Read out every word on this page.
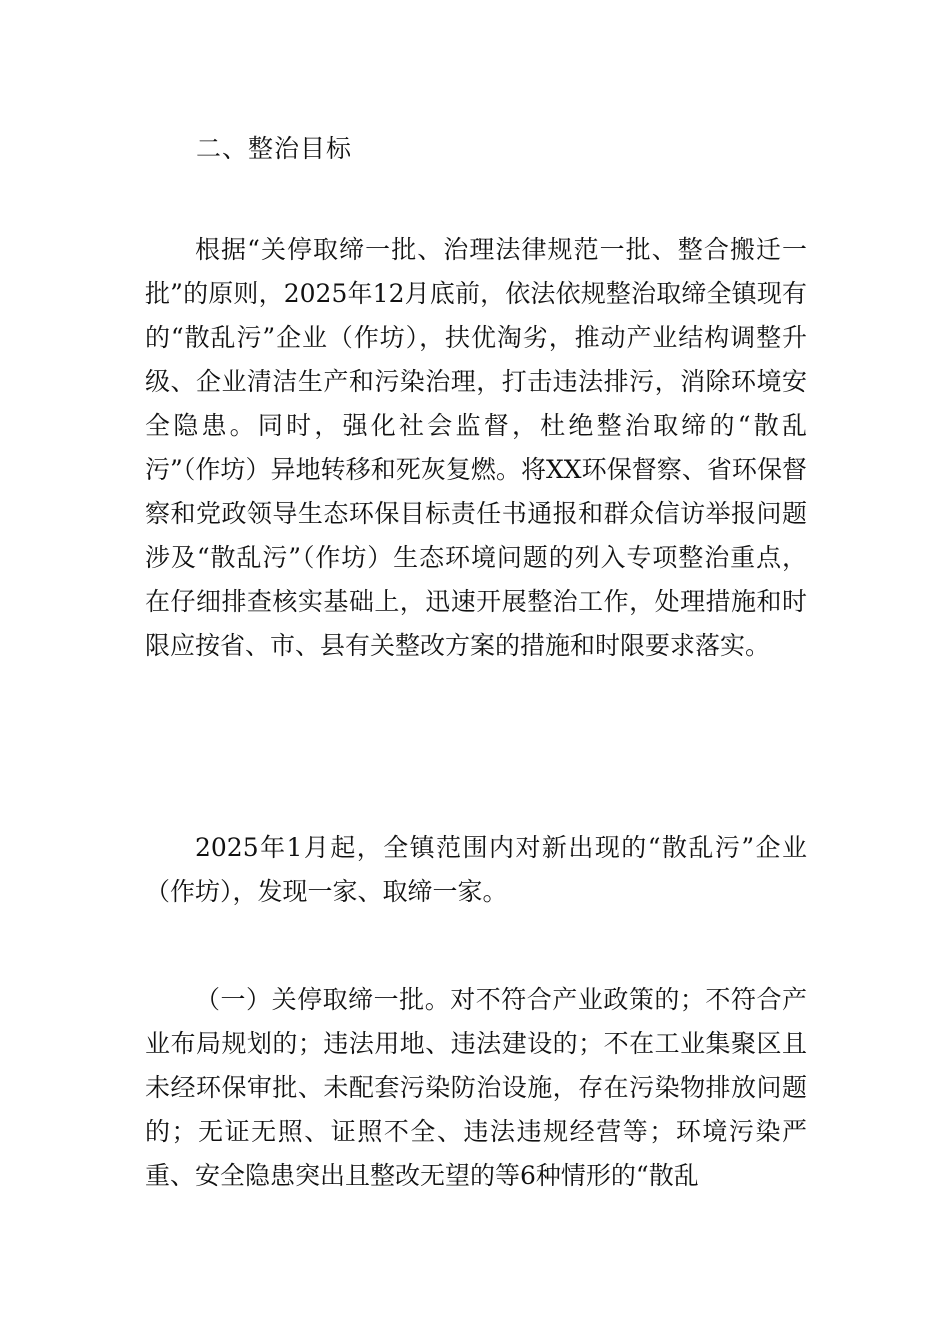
二、整治目标

根据“关停取缔一批、治理法律规范一批、整合搬迁一批”的原则，2025年12月底前，依法依规整治取缔全镇现有的“散乱污”企业（作坊），扶优淘劣，推动产业结构调整升级、企业清洁生产和污染治理，打击违法排污，消除环境安全隐患。同时，强化社会监督，杜绝整治取缔的“散乱污”（作坊）异地转移和死灰复燃。将XX环保督察、省环保督察和党政领导生态环保目标责任书通报和群众信访举报问题涉及“散乱污”（作坊）生态环境问题的列入专项整治重点，在仔细排查核实基础上，迅速开展整治工作，处理措施和时限应按省、市、县有关整改方案的措施和时限要求落实。

2025年1月起，全镇范围内对新出现的“散乱污”企业（作坊），发现一家、取缔一家。

（一）关停取缔一批。对不符合产业政策的；不符合产业布局规划的；违法用地、违法建设的；不在工业集聚区且未经环保审批、未配套污染防治设施，存在污染物排放问题的；无证无照、证照不全、违法违规经营等；环境污染严重、安全隐患突出且整改无望的等6种情形的“散乱
